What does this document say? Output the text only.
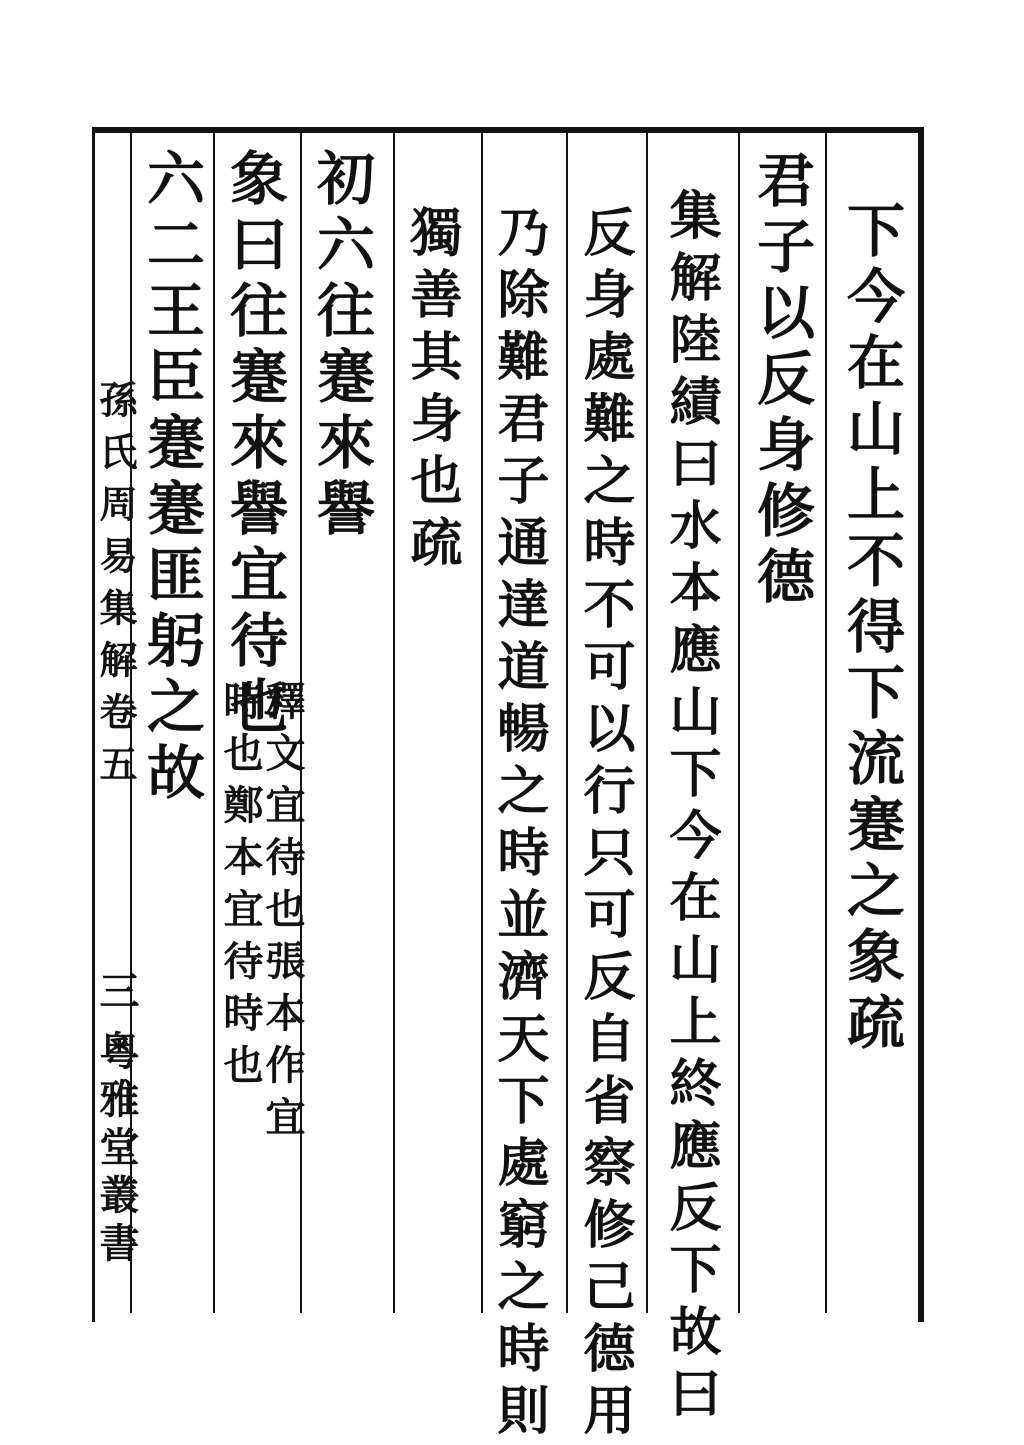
下今在山上不得下流蹇之象疏
君子以反身修德
集解陸績曰水本應山下今在山上終應反下故曰
反身處難之時不可以行只可反自省察修己德用
乃除難君子通達道暢之時並濟天下處窮之時則
獨善其身也疏
初六往蹇來譽
象曰往蹇來譽宜待也
釋文宜待也張本作宜
時也鄭本宜待時也
六二王臣蹇蹇匪躬之故
孫氏周易集解卷五
三
粵雅堂叢書
